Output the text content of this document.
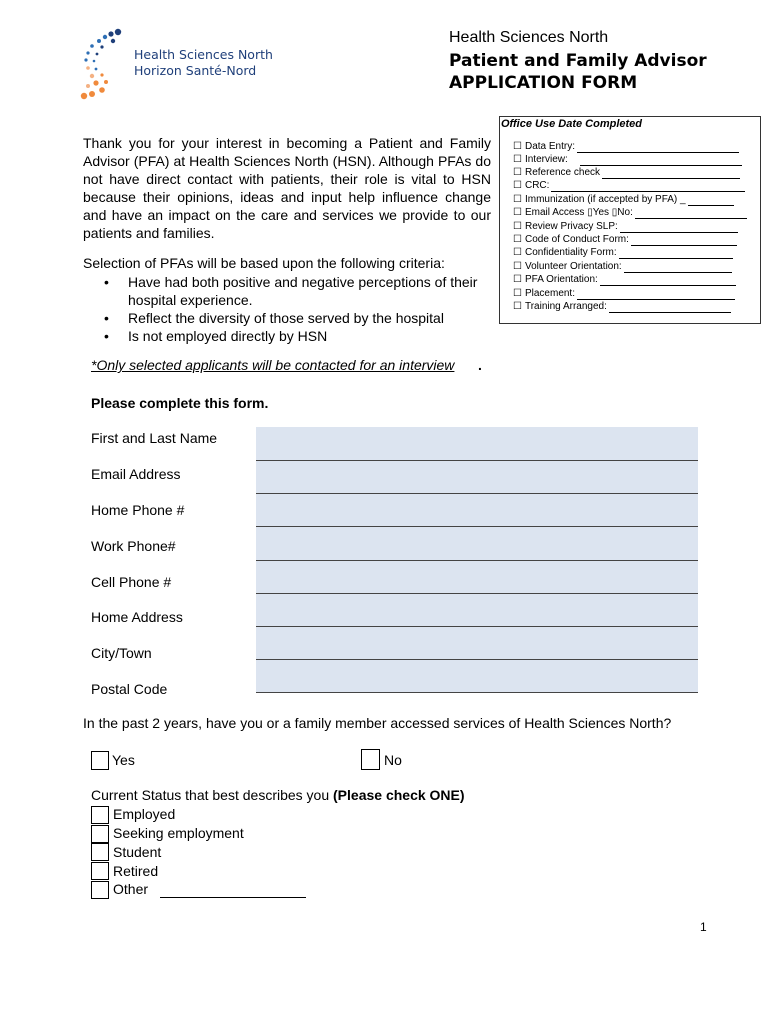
Health Sciences North
Horizon Santé-Nord
Health Sciences North
Patient and Family Advisor
APPLICATION FORM
Office Use Date Completed
☐ Data Entry:
☐ Interview:
☐ Reference check
☐ CRC:
☐ Immunization (if accepted by PFA) _
☐ Email Access ▯Yes ▯No:
☐ Review Privacy SLP:
☐ Code of Conduct Form:
☐ Confidentiality Form:
☐ Volunteer Orientation:
☐ PFA Orientation:
☐ Placement:
☐ Training Arranged:
Thank you for your interest in becoming a Patient and Family Advisor (PFA) at Health Sciences North (HSN). Although PFAs do not have direct contact with patients, their role is vital to HSN because their opinions, ideas and input help influence change and have an impact on the care and services we provide to our patients and families.
Selection of PFAs will be based upon the following criteria:
• Have had both positive and negative perceptions of their hospital experience.
• Reflect the diversity of those served by the hospital
• Is not employed directly by HSN
*Only selected applicants will be contacted for an interview .
Please complete this form.
First and Last Name
Email Address
Home Phone #
Work Phone#
Cell Phone #
Home Address
City/Town
Postal Code
In the past 2 years, have you or a family member accessed services of Health Sciences North?
Yes	No
Current Status that best describes you (Please check ONE)
Employed
Seeking employment
Student
Retired
Other
1
